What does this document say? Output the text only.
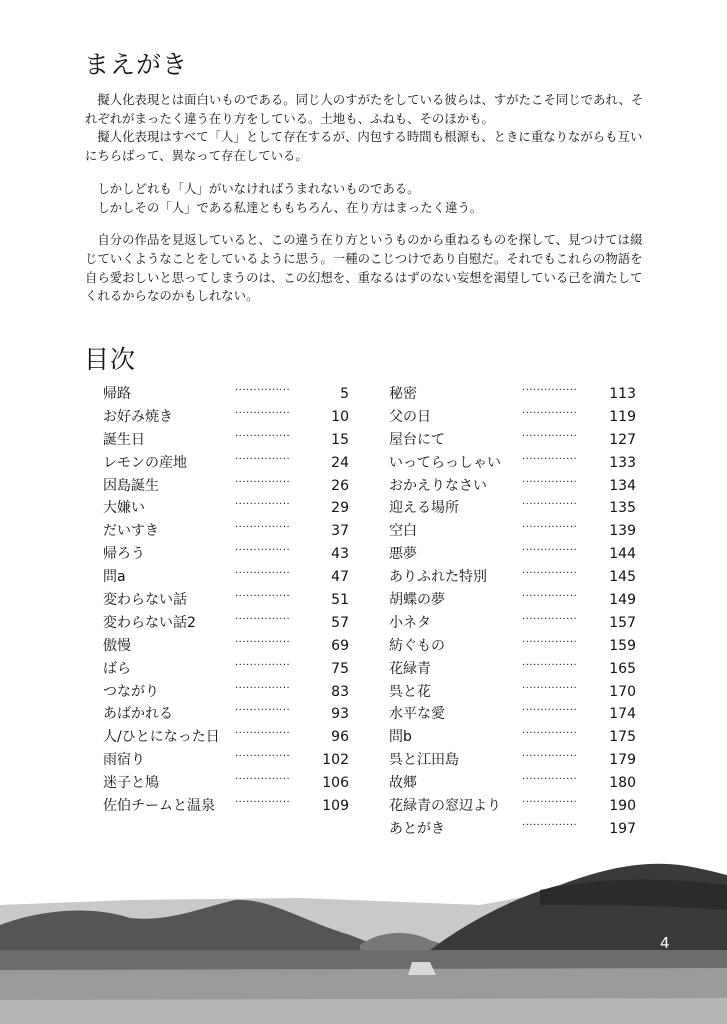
まえがき
　擬人化表現とは面白いものである。同じ人のすがたをしている彼らは、すがたこそ同じであれ、そ
れぞれがまったく違う在り方をしている。土地も、ふねも、そのほかも。
　擬人化表現はすべて「人」として存在するが、内包する時間も根源も、ときに重なりながらも互い
にちらばって、異なって存在している。
　しかしどれも「人」がいなければうまれないものである。
　しかしその「人」である私達とももちろん、在り方はまったく違う。
　自分の作品を見返していると、この違う在り方というものから重ねるものを探して、見つけては綴
じていくようなことをしているように思う。一種のこじつけであり自慰だ。それでもこれらの物語を
自ら愛おしいと思ってしまうのは、この幻想を、重なるはずのない妄想を渇望している己を満たして
くれるからなのかもしれない。
目次
帰路	···············	5
お好み焼き	···············	10
誕生日	···············	15
レモンの産地	···············	24
因島誕生	···············	26
大嫌い	···············	29
だいすき	···············	37
帰ろう	···············	43
問a	···············	47
変わらない話	···············	51
変わらない話2	···············	57
傲慢	···············	69
ばら	···············	75
つながり	···············	83
あばかれる	···············	93
人/ひとになった日 ···············	96
雨宿り	···············	102
迷子と鳩	···············	106
佐伯チームと温泉 ···············	109
秘密	···············	113
父の日	···············	119
屋台にて	···············	127
いってらっしゃい ···············	133
おかえりなさい	···············	134
迎える場所	···············	135
空白	···············	139
悪夢	···············	144
ありふれた特別	···············	145
胡蝶の夢	···············	149
小ネタ	···············	157
紡ぐもの	···············	159
花緑青	···············	165
呉と花	···············	170
水平な愛	···············	174
問b	···············	175
呉と江田島	···············	179
故郷	···············	180
花緑青の窓辺より ···············	190
あとがき	···············	197
4
